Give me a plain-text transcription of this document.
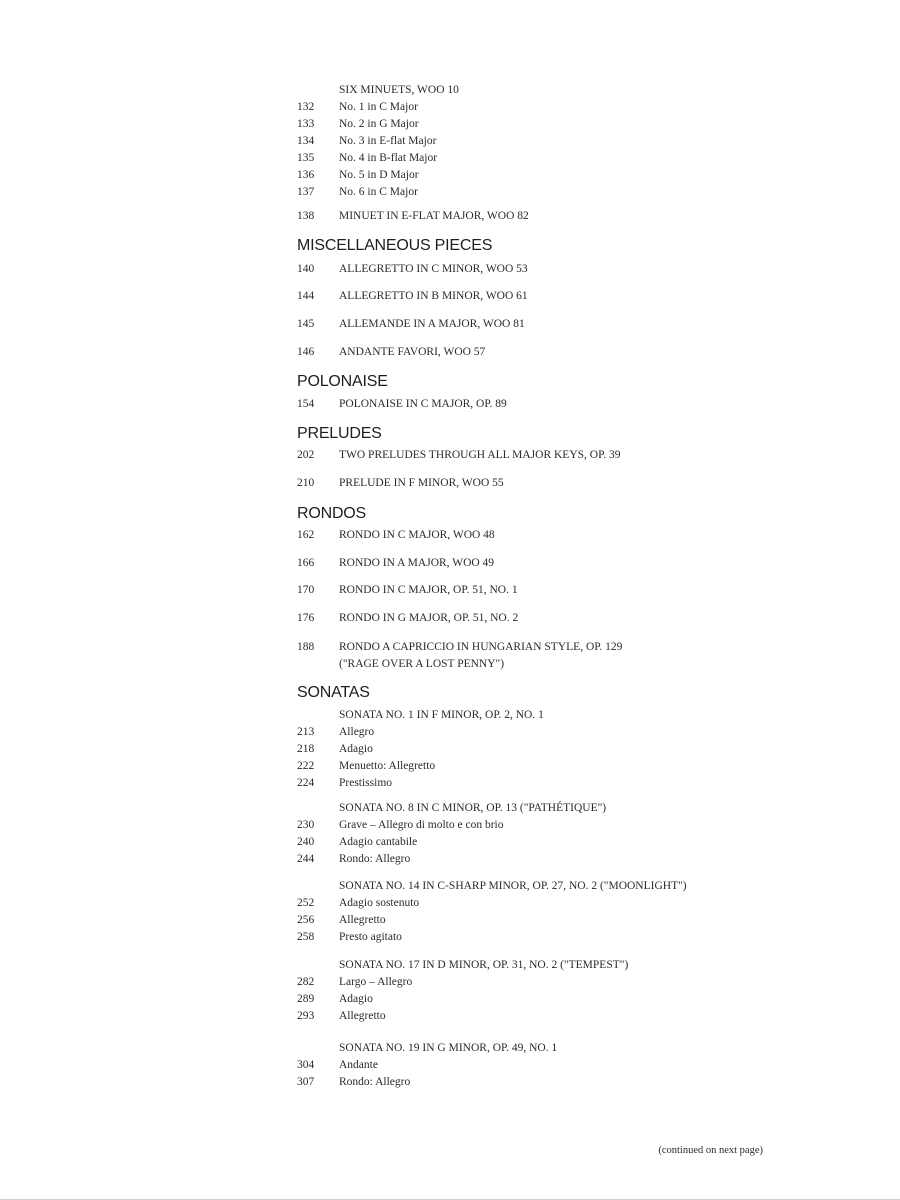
SIX MINUETS, WOO 10
132	No. 1 in C Major
133	No. 2 in G Major
134	No. 3 in E-flat Major
135	No. 4 in B-flat Major
136	No. 5 in D Major
137	No. 6 in C Major
138	MINUET IN E-FLAT MAJOR, WOO 82
MISCELLANEOUS PIECES
140	ALLEGRETTO IN C MINOR, WOO 53
144	ALLEGRETTO IN B MINOR, WOO 61
145	ALLEMANDE IN A MAJOR, WOO 81
146	ANDANTE FAVORI, WOO 57
POLONAISE
154	POLONAISE IN C MAJOR, OP. 89
PRELUDES
202	TWO PRELUDES THROUGH ALL MAJOR KEYS, OP. 39
210	PRELUDE IN F MINOR, WOO 55
RONDOS
162	RONDO IN C MAJOR, WOO 48
166	RONDO IN A MAJOR, WOO 49
170	RONDO IN C MAJOR, OP. 51, NO. 1
176	RONDO IN G MAJOR, OP. 51, NO. 2
188	RONDO A CAPRICCIO IN HUNGARIAN STYLE, OP. 129
("RAGE OVER A LOST PENNY")
SONATAS
SONATA NO. 1 IN F MINOR, OP. 2, NO. 1
213	Allegro
218	Adagio
222	Menuetto: Allegretto
224	Prestissimo
SONATA NO. 8 IN C MINOR, OP. 13 ("PATHÉTIQUE")
230	Grave – Allegro di molto e con brio
240	Adagio cantabile
244	Rondo: Allegro
SONATA NO. 14 IN C-SHARP MINOR, OP. 27, NO. 2 ("MOONLIGHT")
252	Adagio sostenuto
256	Allegretto
258	Presto agitato
SONATA NO. 17 IN D MINOR, OP. 31, NO. 2 ("TEMPEST")
282	Largo – Allegro
289	Adagio
293	Allegretto
SONATA NO. 19 IN G MINOR, OP. 49, NO. 1
304	Andante
307	Rondo: Allegro
(continued on next page)
